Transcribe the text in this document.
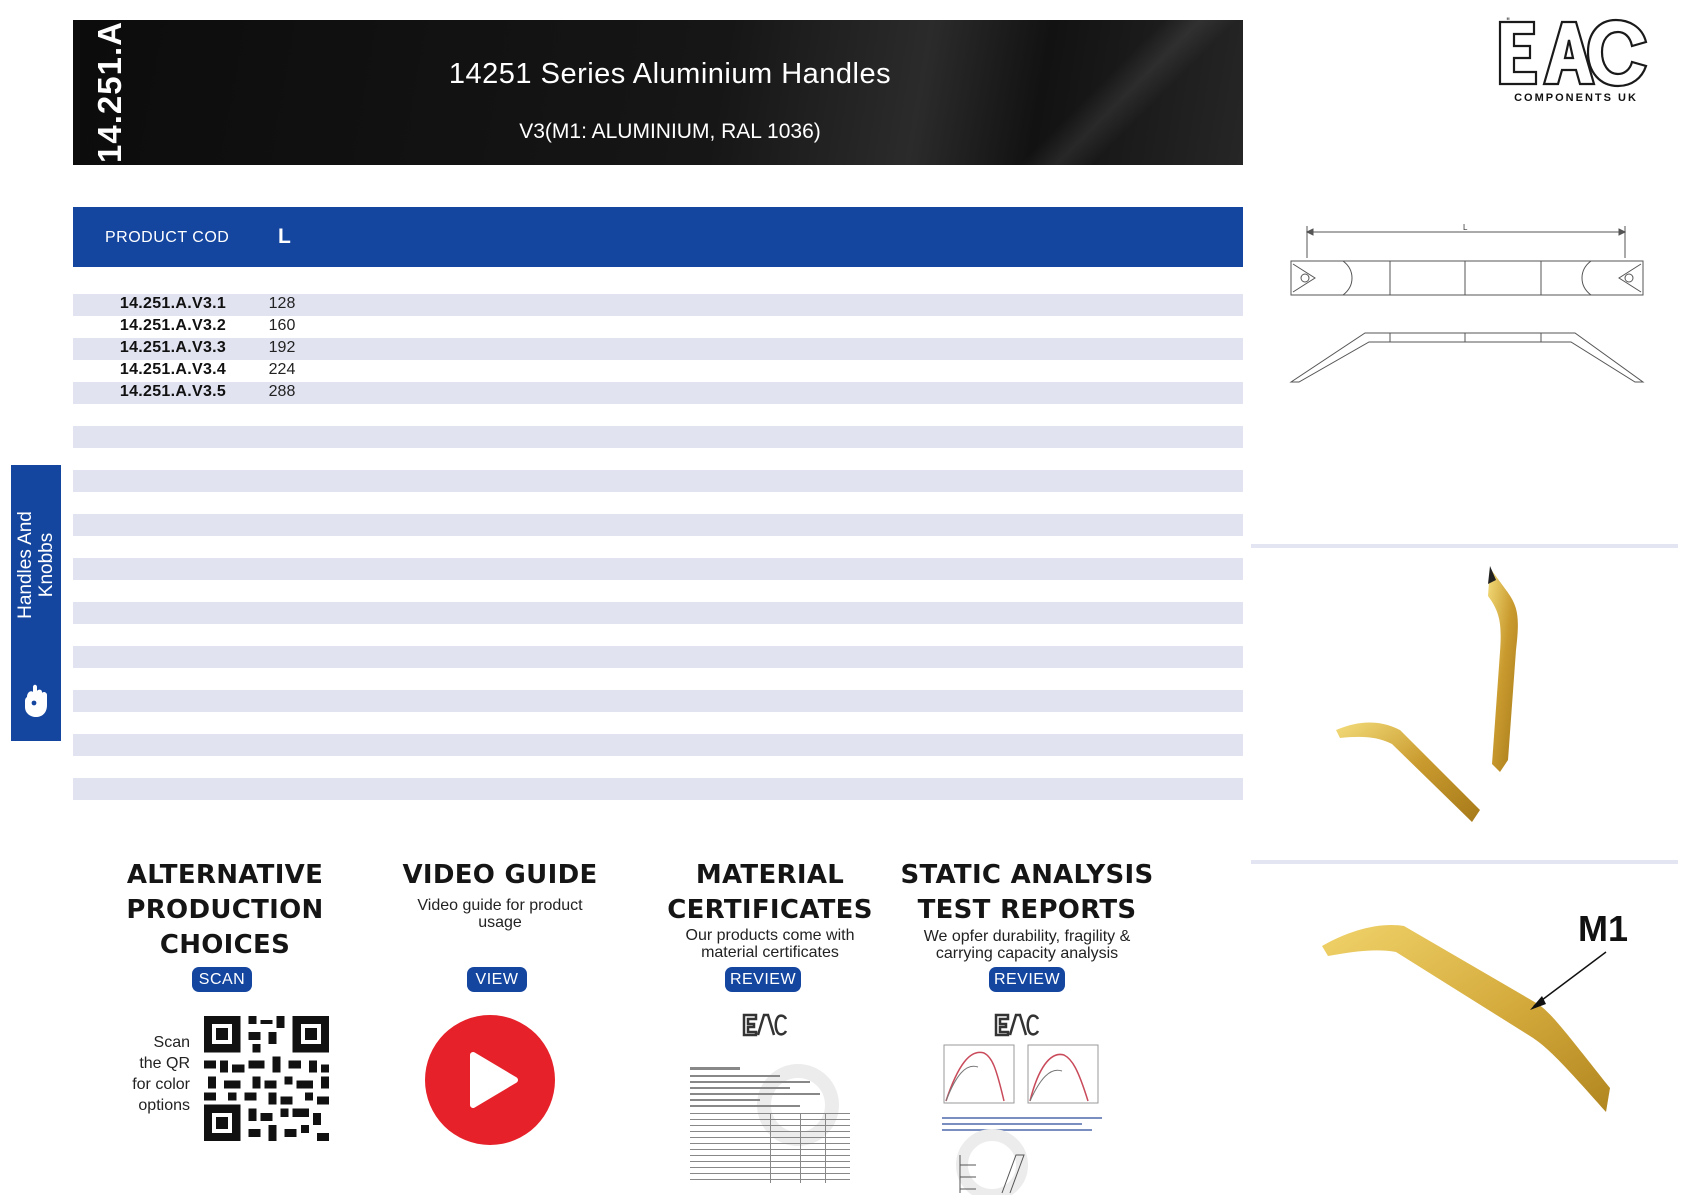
14.251.A	14251 Series Aluminium Handles
V3(M1: ALUMINIUM, RAL 1036)
"
COMPONENTS UK
Handles And Knobbs
PRODUCT COD L
14.251.A.V3.1	128
14.251.A.V3.2	160
14.251.A.V3.3	192
14.251.A.V3.4	224
14.251.A.V3.5	288
L
M1
ALTERNATIVE
PRODUCTION
CHOICES
SCAN
Scan
the QR
for color
options
VIDEO GUIDE
Video guide for product
usage
VIEW
MATERIAL
CERTIFICATES
Our products come with
material certificates
REVIEW
STATIC ANALYSIS
TEST REPORTS
We opfer durability, fragility &
carrying capacity analysis
REVIEW
